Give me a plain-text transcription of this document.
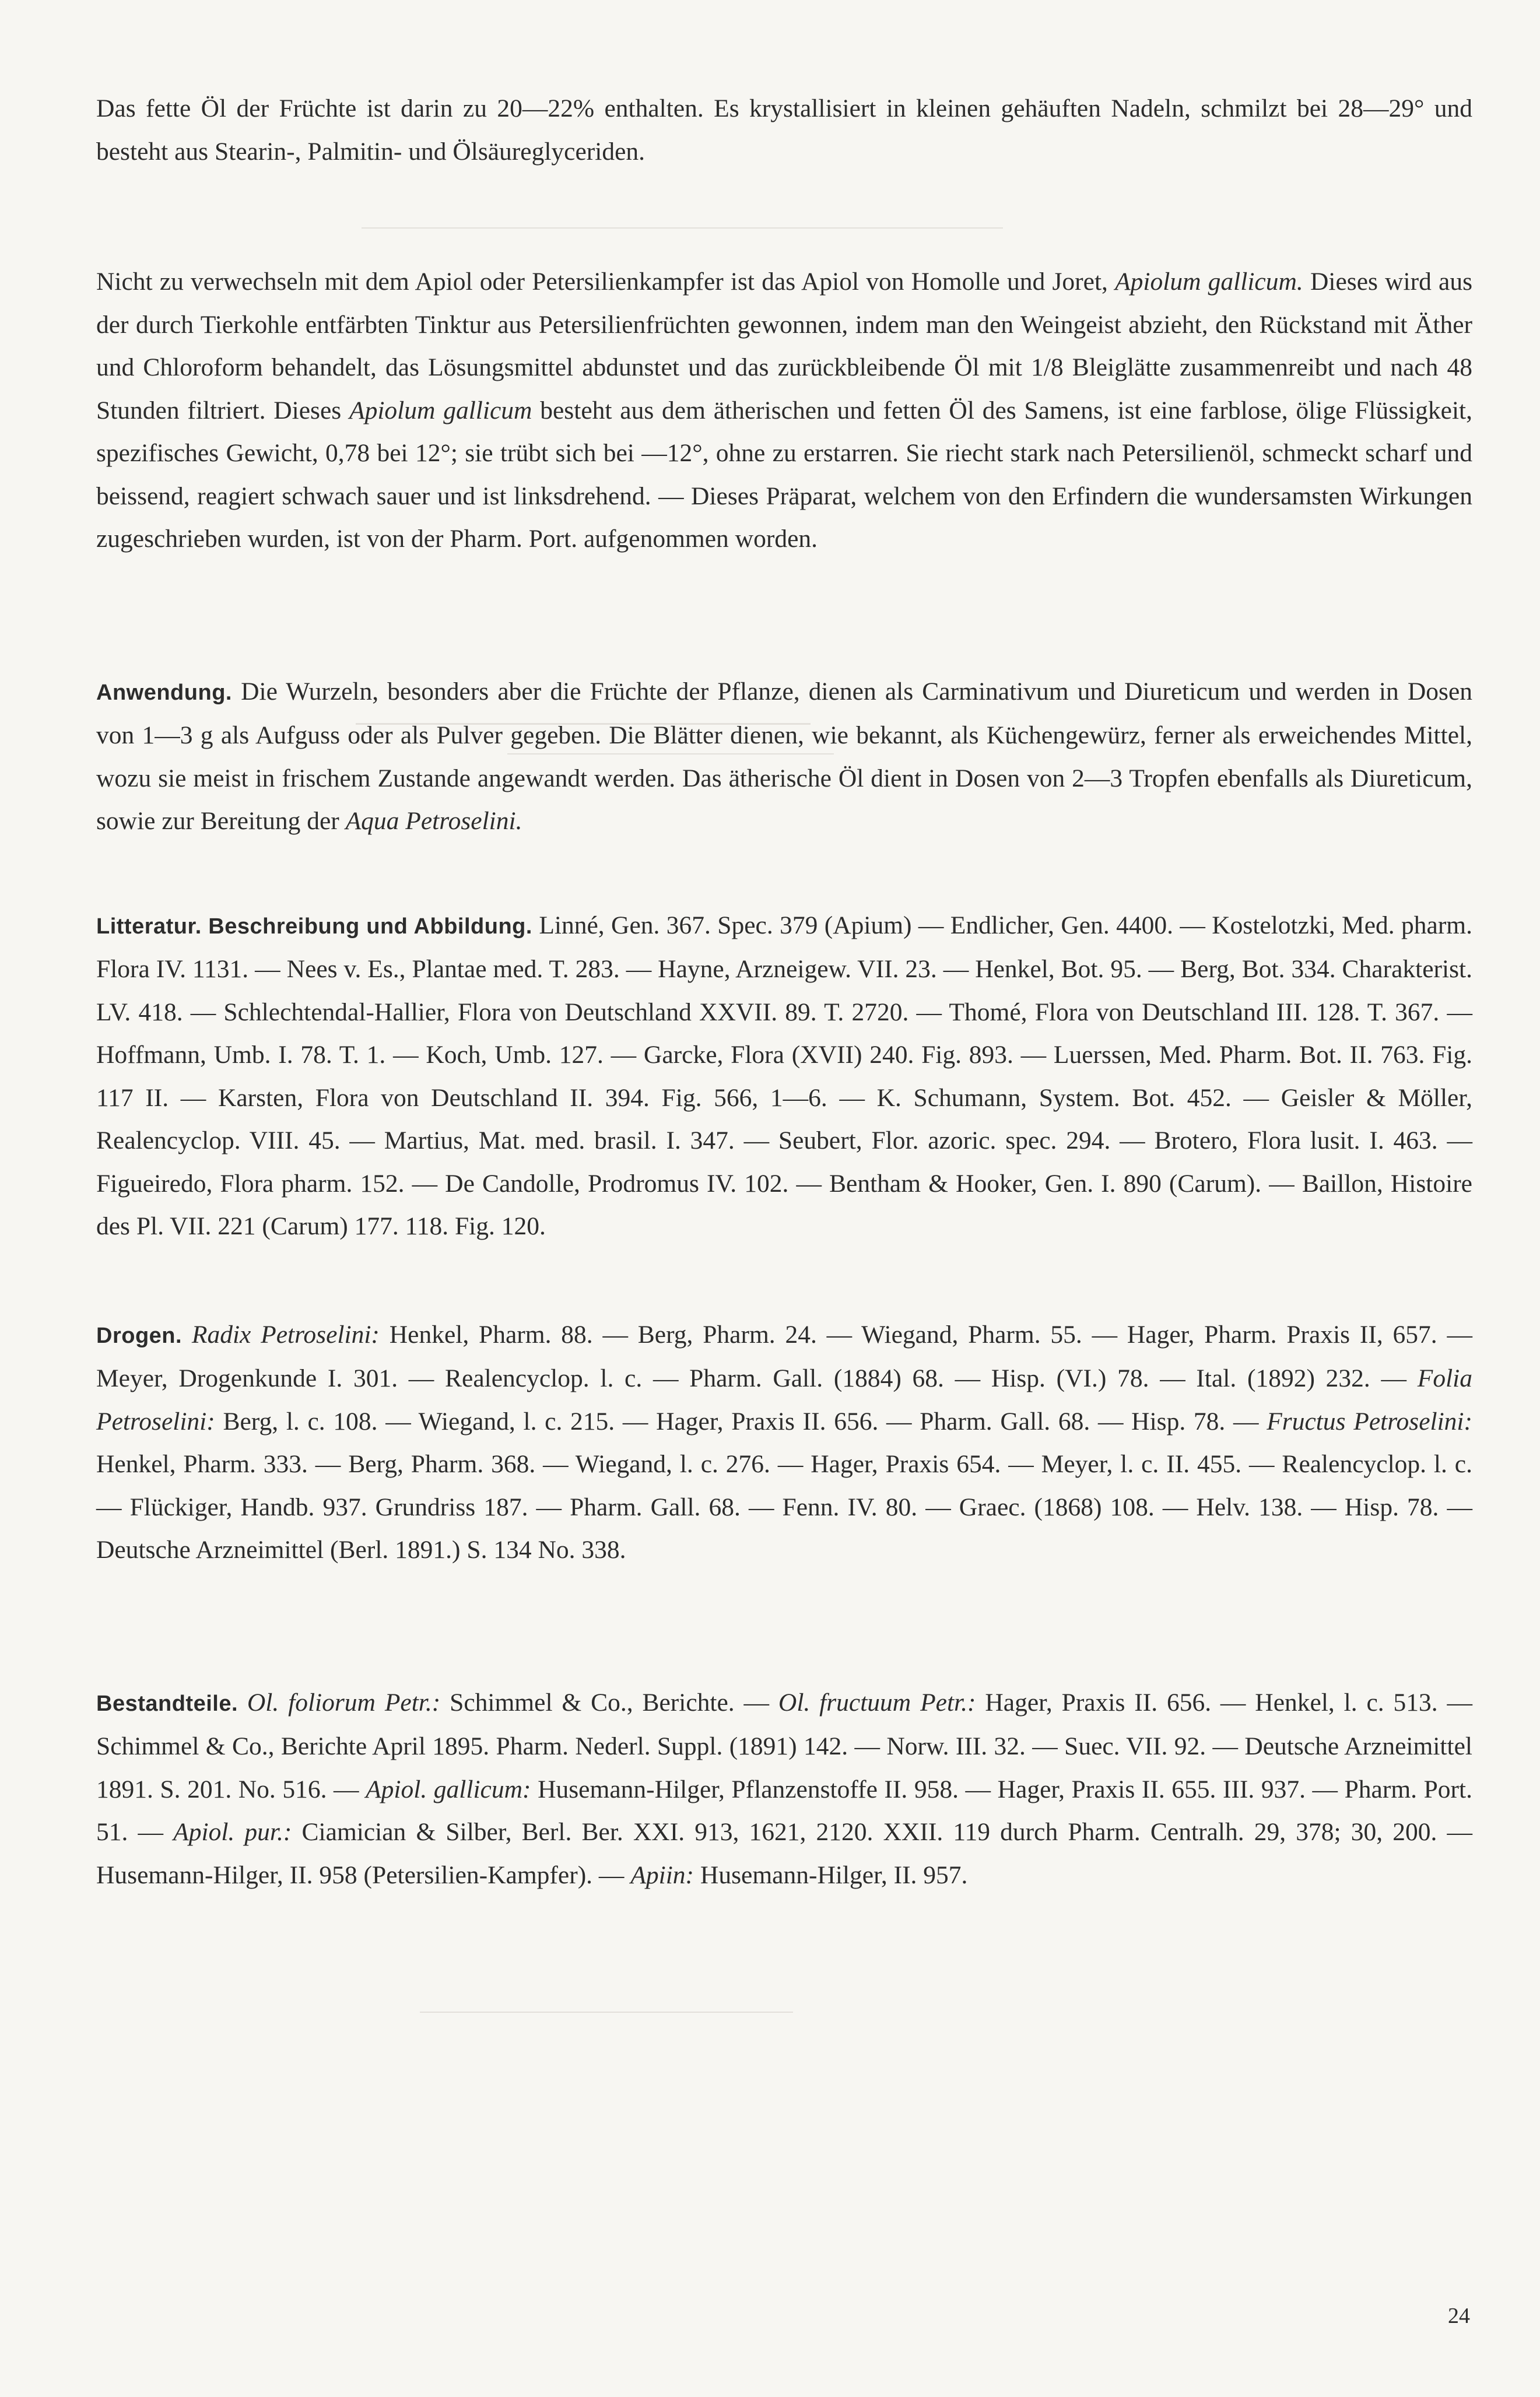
Das fette Öl der Früchte ist darin zu 20—22% enthalten. Es krystallisiert in kleinen gehäuften Nadeln, schmilzt bei 28—29° und besteht aus Stearin-, Palmitin- und Ölsäureglyceriden.

Nicht zu verwechseln mit dem Apiol oder Petersilienkampfer ist das Apiol von Homolle und Joret, Apiolum gallicum. Dieses wird aus der durch Tierkohle entfärbten Tinktur aus Petersilienfrüchten gewonnen, indem man den Weingeist abzieht, den Rückstand mit Äther und Chloroform behandelt, das Lösungsmittel abdunstet und das zurückbleibende Öl mit 1/8 Bleiglätte zusammenreibt und nach 48 Stunden filtriert. Dieses Apiolum gallicum besteht aus dem ätherischen und fetten Öl des Samens, ist eine farblose, ölige Flüssigkeit, spezifisches Gewicht, 0,78 bei 12°; sie trübt sich bei —12°, ohne zu erstarren. Sie riecht stark nach Petersilienöl, schmeckt scharf und beissend, reagiert schwach sauer und ist linksdrehend. — Dieses Präparat, welchem von den Erfindern die wundersamsten Wirkungen zugeschrieben wurden, ist von der Pharm. Port. aufgenommen worden.

Anwendung. Die Wurzeln, besonders aber die Früchte der Pflanze, dienen als Carminativum und Diureticum und werden in Dosen von 1—3 g als Aufguss oder als Pulver gegeben. Die Blätter dienen, wie bekannt, als Küchengewürz, ferner als erweichendes Mittel, wozu sie meist in frischem Zustande angewandt werden. Das ätherische Öl dient in Dosen von 2—3 Tropfen ebenfalls als Diureticum, sowie zur Bereitung der Aqua Petroselini.

Litteratur. Beschreibung und Abbildung. Linné, Gen. 367. Spec. 379 (Apium) — Endlicher, Gen. 4400. — Kostelotzki, Med. pharm. Flora IV. 1131. — Nees v. Es., Plantae med. T. 283. — Hayne, Arzneigew. VII. 23. — Henkel, Bot. 95. — Berg, Bot. 334. Charakterist. LV. 418. — Schlechtendal-Hallier, Flora von Deutschland XXVII. 89. T. 2720. — Thomé, Flora von Deutschland III. 128. T. 367. — Hoffmann, Umb. I. 78. T. 1. — Koch, Umb. 127. — Garcke, Flora (XVII) 240. Fig. 893. — Luerssen, Med. Pharm. Bot. II. 763. Fig. 117 II. — Karsten, Flora von Deutschland II. 394. Fig. 566, 1—6. — K. Schumann, System. Bot. 452. — Geisler & Möller, Realencyclop. VIII. 45. — Martius, Mat. med. brasil. I. 347. — Seubert, Flor. azoric. spec. 294. — Brotero, Flora lusit. I. 463. — Figueiredo, Flora pharm. 152. — De Candolle, Prodromus IV. 102. — Bentham & Hooker, Gen. I. 890 (Carum). — Baillon, Histoire des Pl. VII. 221 (Carum) 177. 118. Fig. 120.

Drogen. Radix Petroselini: Henkel, Pharm. 88. — Berg, Pharm. 24. — Wiegand, Pharm. 55. — Hager, Pharm. Praxis II, 657. — Meyer, Drogenkunde I. 301. — Realencyclop. l. c. — Pharm. Gall. (1884) 68. — Hisp. (VI.) 78. — Ital. (1892) 232. — Folia Petroselini: Berg, l. c. 108. — Wiegand, l. c. 215. — Hager, Praxis II. 656. — Pharm. Gall. 68. — Hisp. 78. — Fructus Petroselini: Henkel, Pharm. 333. — Berg, Pharm. 368. — Wiegand, l. c. 276. — Hager, Praxis 654. — Meyer, l. c. II. 455. — Realencyclop. l. c. — Flückiger, Handb. 937. Grundriss 187. — Pharm. Gall. 68. — Fenn. IV. 80. — Graec. (1868) 108. — Helv. 138. — Hisp. 78. — Deutsche Arzneimittel (Berl. 1891.) S. 134 No. 338.

Bestandteile. Ol. foliorum Petr.: Schimmel & Co., Berichte. — Ol. fructuum Petr.: Hager, Praxis II. 656. — Henkel, l. c. 513. — Schimmel & Co., Berichte April 1895. Pharm. Nederl. Suppl. (1891) 142. — Norw. III. 32. — Suec. VII. 92. — Deutsche Arzneimittel 1891. S. 201. No. 516. — Apiol. gallicum: Husemann-Hilger, Pflanzenstoffe II. 958. — Hager, Praxis II. 655. III. 937. — Pharm. Port. 51. — Apiol. pur.: Ciamician & Silber, Berl. Ber. XXI. 913, 1621, 2120. XXII. 119 durch Pharm. Centralh. 29, 378; 30, 200. — Husemann-Hilger, II. 958 (Petersilien-Kampfer). — Apiin: Husemann-Hilger, II. 957.

24
